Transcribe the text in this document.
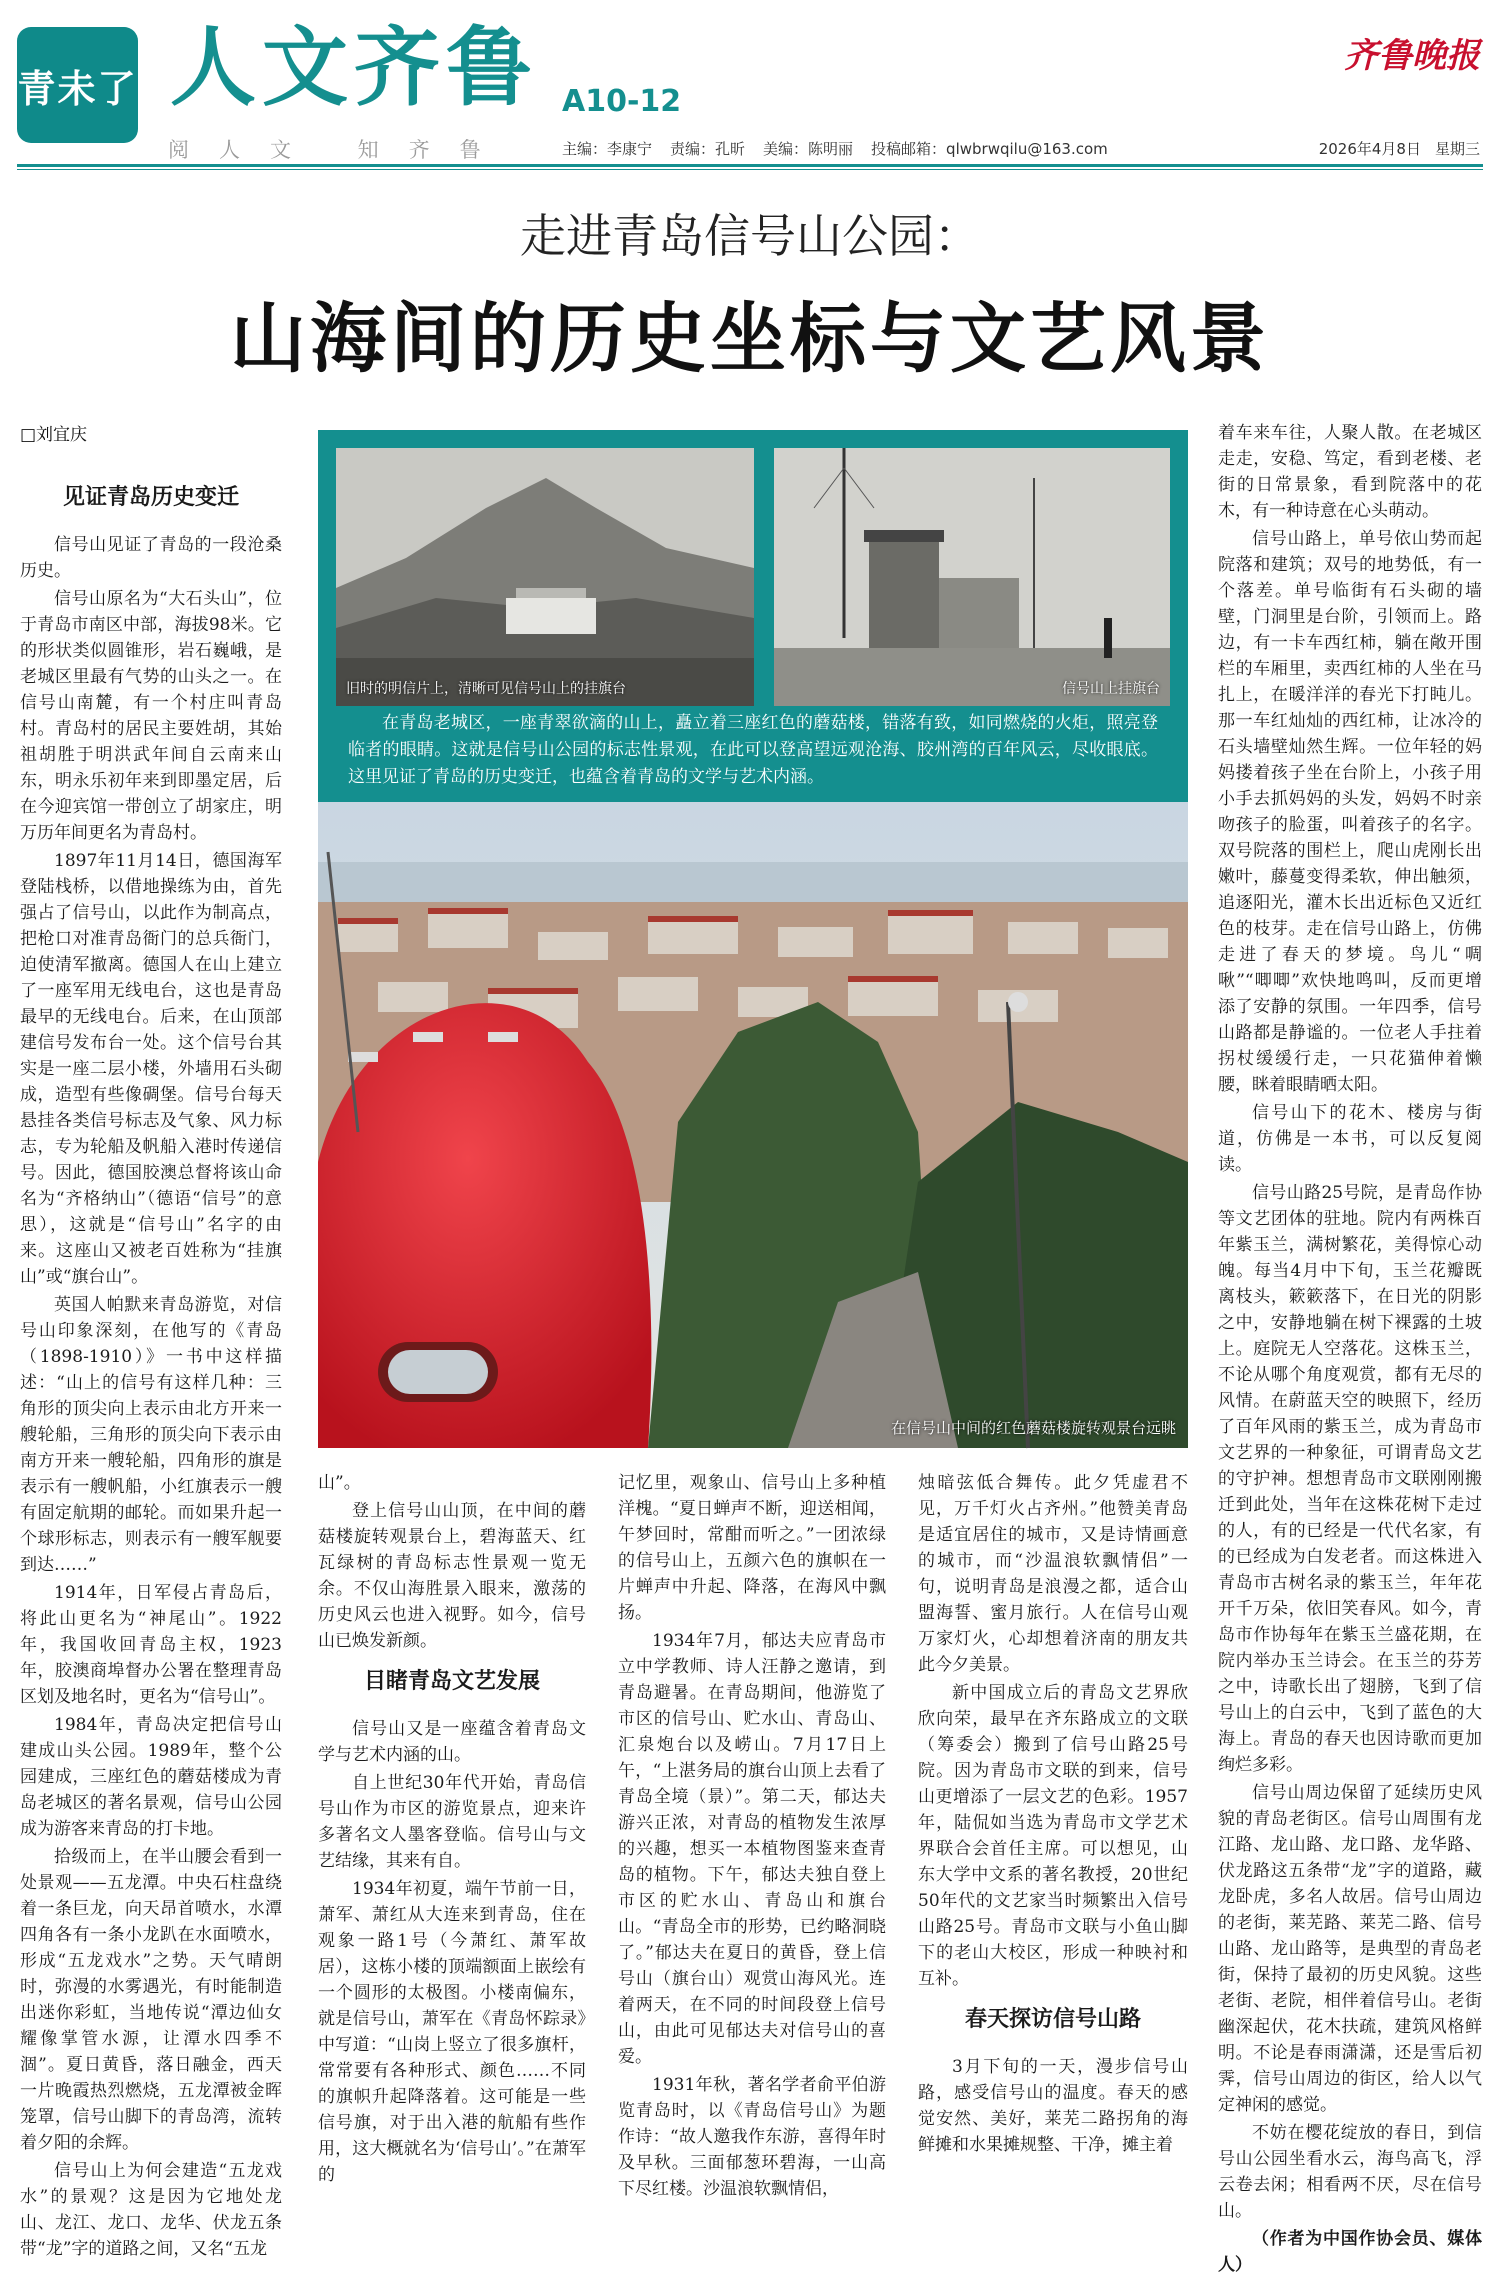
青未了 人文齐鲁 A10-12
齐鲁晚报
阅人文 知齐鲁	主编：李康宁 责编：孔昕 美编：陈明丽 投稿邮箱：qlwbrwqilu@163.com	2026年4月8日 星期三
走进青岛信号山公园：
山海间的历史坐标与文艺风景
□刘宜庆
见证青岛历史变迁

信号山见证了青岛的一段沧桑历史。

信号山原名为“大石头山”，位于青岛市南区中部，海拔98米。它的形状类似圆锥形，岩石巍峨，是老城区里最有气势的山头之一。在信号山南麓，有一个村庄叫青岛村。青岛村的居民主要姓胡，其始祖胡胜于明洪武年间自云南来山东，明永乐初年来到即墨定居，后在今迎宾馆一带创立了胡家庄，明万历年间更名为青岛村。

1897年11月14日，德国海军登陆栈桥，以借地操练为由，首先强占了信号山，以此作为制高点，把枪口对准青岛衙门的总兵衙门，迫使清军撤离。德国人在山上建立了一座军用无线电台，这也是青岛最早的无线电台。后来，在山顶部建信号发布台一处。这个信号台其实是一座二层小楼，外墙用石头砌成，造型有些像碉堡。信号台每天悬挂各类信号标志及气象、风力标志，专为轮船及帆船入港时传递信号。因此，德国胶澳总督将该山命名为“齐格纳山”（德语“信号”的意思），这就是“信号山”名字的由来。这座山又被老百姓称为“挂旗山”或“旗台山”。

英国人帕默来青岛游览，对信号山印象深刻，在他写的《青岛（1898-1910）》一书中这样描述：“山上的信号有这样几种：三角形的顶尖向上表示由北方开来一艘轮船，三角形的顶尖向下表示由南方开来一艘轮船，四角形的旗是表示有一艘帆船，小红旗表示一艘有固定航期的邮轮。而如果升起一个球形标志，则表示有一艘军舰要到达……”

1914年，日军侵占青岛后，将此山更名为“神尾山”。1922年，我国收回青岛主权，1923年，胶澳商埠督办公署在整理青岛区划及地名时，更名为“信号山”。

1984年，青岛决定把信号山建成山头公园。1989年，整个公园建成，三座红色的蘑菇楼成为青岛老城区的著名景观，信号山公园成为游客来青岛的打卡地。

拾级而上，在半山腰会看到一处景观——五龙潭。中央石柱盘绕着一条巨龙，向天昂首喷水，水潭四角各有一条小龙趴在水面喷水，形成“五龙戏水”之势。天气晴朗时，弥漫的水雾遇光，有时能制造出迷你彩虹，当地传说“潭边仙女耀像掌管水源，让潭水四季不涸”。夏日黄昏，落日融金，西天一片晚霞热烈燃烧，五龙潭被金晖笼罩，信号山脚下的青岛湾，流转着夕阳的余辉。

信号山上为何会建造“五龙戏水”的景观？这是因为它地处龙山、龙江、龙口、龙华、伏龙五条带“龙”字的道路之间，又名“五龙

旧时的明信片上，清晰可见信号山上的挂旗台	信号山上挂旗台
在青岛老城区，一座青翠欲滴的山上，矗立着三座红色的蘑菇楼，错落有致，如同燃烧的火炬，照亮登临者的眼睛。这就是信号山公园的标志性景观，在此可以登高望远观沧海、胶州湾的百年风云，尽收眼底。这里见证了青岛的历史变迁，也蕴含着青岛的文学与艺术内涵。
在信号山中间的红色蘑菇楼旋转观景台远眺

山”。

登上信号山山顶，在中间的蘑菇楼旋转观景台上，碧海蓝天、红瓦绿树的青岛标志性景观一览无余。不仅山海胜景入眼来，激荡的历史风云也进入视野。如今，信号山已焕发新颜。

目睹青岛文艺发展

信号山又是一座蕴含着青岛文学与艺术内涵的山。

自上世纪30年代开始，青岛信号山作为市区的游览景点，迎来许多著名文人墨客登临。信号山与文艺结缘，其来有自。

1934年初夏，端午节前一日，萧军、萧红从大连来到青岛，住在观象一路1号（今萧红、萧军故居），这栋小楼的顶端额面上嵌绘有一个圆形的太极图。小楼南偏东，就是信号山，萧军在《青岛怀踪录》中写道：“山岗上竖立了很多旗杆，常常要有各种形式、颜色……不同的旗帜升起降落着。这可能是一些信号旗，对于出入港的航船有些作用，这大概就名为‘信号山’。”在萧军的

记忆里，观象山、信号山上多种植洋槐。“夏日蝉声不断，迎送相闻，午梦回时，常酣而听之。”一团浓绿的信号山上，五颜六色的旗帜在一片蝉声中升起、降落，在海风中飘扬。

1934年7月，郁达夫应青岛市立中学教师、诗人汪静之邀请，到青岛避暑。在青岛期间，他游览了市区的信号山、贮水山、青岛山、汇泉炮台以及崂山。7月17日上午，“上湛务局的旗台山顶上去看了青岛全境（景）”。第二天，郁达夫游兴正浓，对青岛的植物发生浓厚的兴趣，想买一本植物图鉴来查青岛的植物。下午，郁达夫独自登上市区的贮水山、青岛山和旗台山。“青岛全市的形势，已约略洞晓了。”郁达夫在夏日的黄昏，登上信号山（旗台山）观赏山海风光。连着两天，在不同的时间段登上信号山，由此可见郁达夫对信号山的喜爱。

1931年秋，著名学者俞平伯游览青岛时，以《青岛信号山》为题作诗：“故人邀我作东游，喜得年时及早秋。三面郁葱环碧海，一山高下尽红楼。沙温浪软飘情侣，

烛暗弦低合舞传。此夕凭虚君不见，万千灯火占齐州。”他赞美青岛是适宜居住的城市，又是诗情画意的城市，而“沙温浪软飘情侣”一句，说明青岛是浪漫之都，适合山盟海誓、蜜月旅行。人在信号山观万家灯火，心却想着济南的朋友共此今夕美景。

新中国成立后的青岛文艺界欣欣向荣，最早在齐东路成立的文联（筹委会）搬到了信号山路25号院。因为青岛市文联的到来，信号山更增添了一层文艺的色彩。1957年，陆侃如当选为青岛市文学艺术界联合会首任主席。可以想见，山东大学中文系的著名教授，20世纪50年代的文艺家当时频繁出入信号山路25号。青岛市文联与小鱼山脚下的老山大校区，形成一种映衬和互补。

春天探访信号山路

3月下旬的一天，漫步信号山路，感受信号山的温度。春天的感觉安然、美好，莱芜二路拐角的海鲜摊和水果摊规整、干净，摊主着

着车来车往，人聚人散。在老城区走走，安稳、笃定，看到老楼、老街的日常景象，看到院落中的花木，有一种诗意在心头萌动。

信号山路上，单号依山势而起院落和建筑；双号的地势低，有一个落差。单号临街有石头砌的墙壁，门洞里是台阶，引领而上。路边，有一卡车西红柿，躺在敞开围栏的车厢里，卖西红柿的人坐在马扎上，在暖洋洋的春光下打盹儿。那一车红灿灿的西红柿，让冰冷的石头墙壁灿然生辉。一位年轻的妈妈搂着孩子坐在台阶上，小孩子用小手去抓妈妈的头发，妈妈不时亲吻孩子的脸蛋，叫着孩子的名字。双号院落的围栏上，爬山虎刚长出嫩叶，藤蔓变得柔软，伸出触须，追逐阳光，灌木长出近标色又近红色的枝芽。走在信号山路上，仿佛走进了春天的梦境。鸟儿“啁啾”“唧唧”欢快地鸣叫，反而更增添了安静的氛围。一年四季，信号山路都是静谧的。一位老人手拄着拐杖缓缓行走，一只花猫伸着懒腰，眯着眼睛晒太阳。

信号山下的花木、楼房与街道，仿佛是一本书，可以反复阅读。

信号山路25号院，是青岛作协等文艺团体的驻地。院内有两株百年紫玉兰，满树繁花，美得惊心动魄。每当4月中下旬，玉兰花瓣既离枝头，簌簌落下，在日光的阴影之中，安静地躺在树下裸露的土坡上。庭院无人空落花。这株玉兰，不论从哪个角度观赏，都有无尽的风情。在蔚蓝天空的映照下，经历了百年风雨的紫玉兰，成为青岛市文艺界的一种象征，可谓青岛文艺的守护神。想想青岛市文联刚刚搬迁到此处，当年在这株花树下走过的人，有的已经是一代代名家，有的已经成为白发老者。而这株进入青岛市古树名录的紫玉兰，年年花开千万朵，依旧笑春风。如今，青岛市作协每年在紫玉兰盛花期，在院内举办玉兰诗会。在玉兰的芬芳之中，诗歌长出了翅膀，飞到了信号山上的白云中，飞到了蓝色的大海上。青岛的春天也因诗歌而更加绚烂多彩。

信号山周边保留了延续历史风貌的青岛老街区。信号山周围有龙江路、龙山路、龙口路、龙华路、伏龙路这五条带“龙”字的道路，藏龙卧虎，多名人故居。信号山周边的老街，莱芜路、莱芜二路、信号山路、龙山路等，是典型的青岛老街，保持了最初的历史风貌。这些老街、老院，相伴着信号山。老街幽深起伏，花木扶疏，建筑风格鲜明。不论是春雨潇潇，还是雪后初霁，信号山周边的街区，给人以气定神闲的感觉。

不妨在樱花绽放的春日，到信号山公园坐看水云，海鸟高飞，浮云卷去闲；相看两不厌，尽在信号山。

（作者为中国作协会员、媒体人）
